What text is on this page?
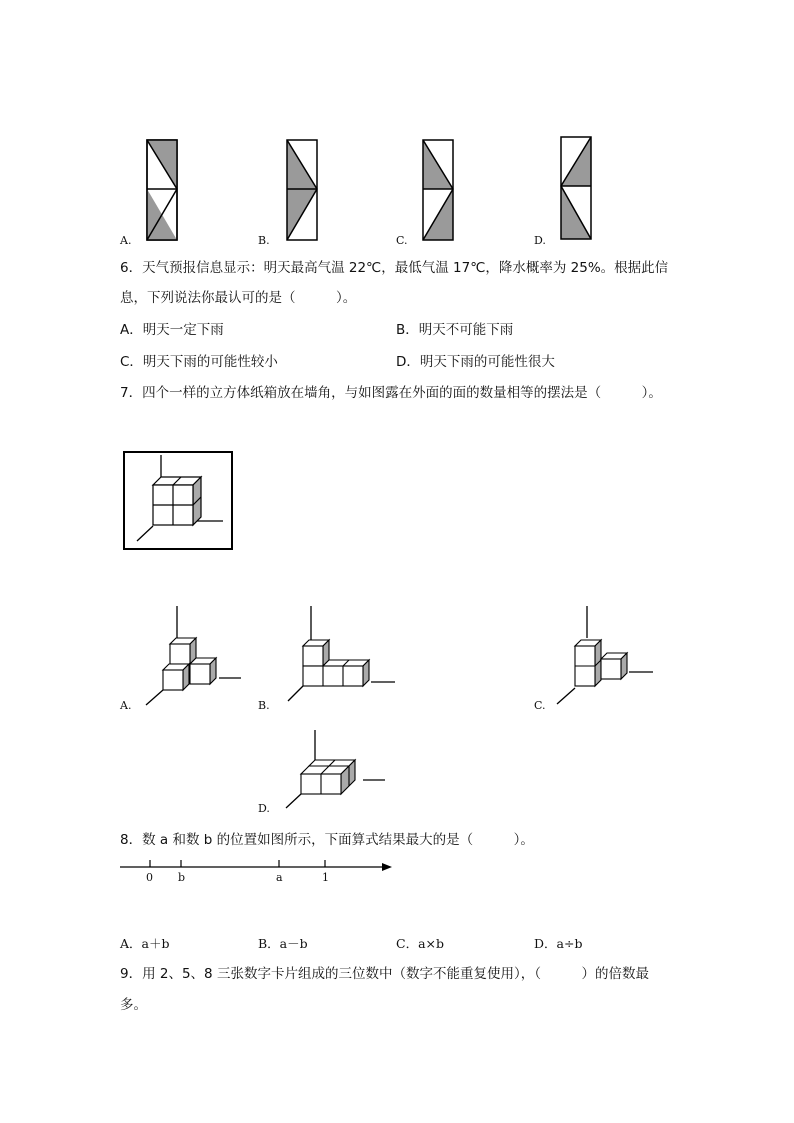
A.	B.	C.	D.
6．天气预报信息显示：明天最高气温 22℃，最低气温 17℃，降水概率为 25%。根据此信
息，下列说法你最认可的是（　　　）。
A．明天一定下雨	B．明天不可能下雨
C．明天下雨的可能性较小	D．明天下雨的可能性很大
7．四个一样的立方体纸箱放在墙角，与如图露在外面的面的数量相等的摆法是（　　　）。
A.	B.	C.
D.
8．数 a 和数 b 的位置如图所示，下面算式结果最大的是（　　　）。
0 b	a	1
A．a＋b	B．a－b	C．a×b	D．a÷b
9．用 2、5、8 三张数字卡片组成的三位数中（数字不能重复使用），（　　　）的倍数最
多。
